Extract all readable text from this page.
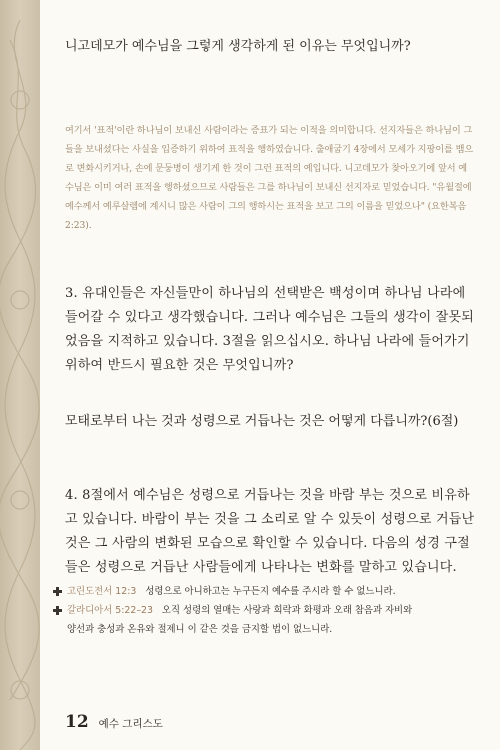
니고데모가 예수님을 그렇게 생각하게 된 이유는 무엇입니까?

여기서 '표적'이란 하나님이 보내신 사람이라는 증표가 되는 이적을 의미합니다. 선지자들은 하나님이 그들을 보내셨다는 사실을 입증하기 위하여 표적을 행하였습니다. 출애굽기 4장에서 모세가 지팡이를 뱀으로 변화시키거나, 손에 문둥병이 생기게 한 것이 그런 표적의 예입니다. 니고데모가 찾아오기에 앞서 예수님은 이미 여러 표적을 행하셨으므로 사람들은 그를 하나님이 보내신 선지자로 믿었습니다. "유월절에 예수께서 예루살렘에 계시니 많은 사람이 그의 행하시는 표적을 보고 그의 이름을 믿었으나" (요한복음 2:23).

3. 유대인들은 자신들만이 하나님의 선택받은 백성이며 하나님 나라에 들어갈 수 있다고 생각했습니다. 그러나 예수님은 그들의 생각이 잘못되었음을 지적하고 있습니다. 3절을 읽으십시오. 하나님 나라에 들어가기 위하여 반드시 필요한 것은 무엇입니까?

모태로부터 나는 것과 성령으로 거듭나는 것은 어떻게 다릅니까?(6절)

4. 8절에서 예수님은 성령으로 거듭나는 것을 바람 부는 것으로 비유하고 있습니다. 바람이 부는 것을 그 소리로 알 수 있듯이 성령으로 거듭난 것은 그 사람의 변화된 모습으로 확인할 수 있습니다. 다음의 성경 구절들은 성령으로 거듭난 사람들에게 나타나는 변화를 말하고 있습니다.

고린도전서 12:3 성령으로 아니하고는 누구든지 예수를 주시라 할 수 없느니라.
갈라디아서 5:22–23 오직 성령의 열매는 사랑과 희락과 화평과 오래 참음과 자비와
양선과 충성과 온유와 절제니 이 같은 것을 금지할 법이 없느니라.
12 예수 그리스도
